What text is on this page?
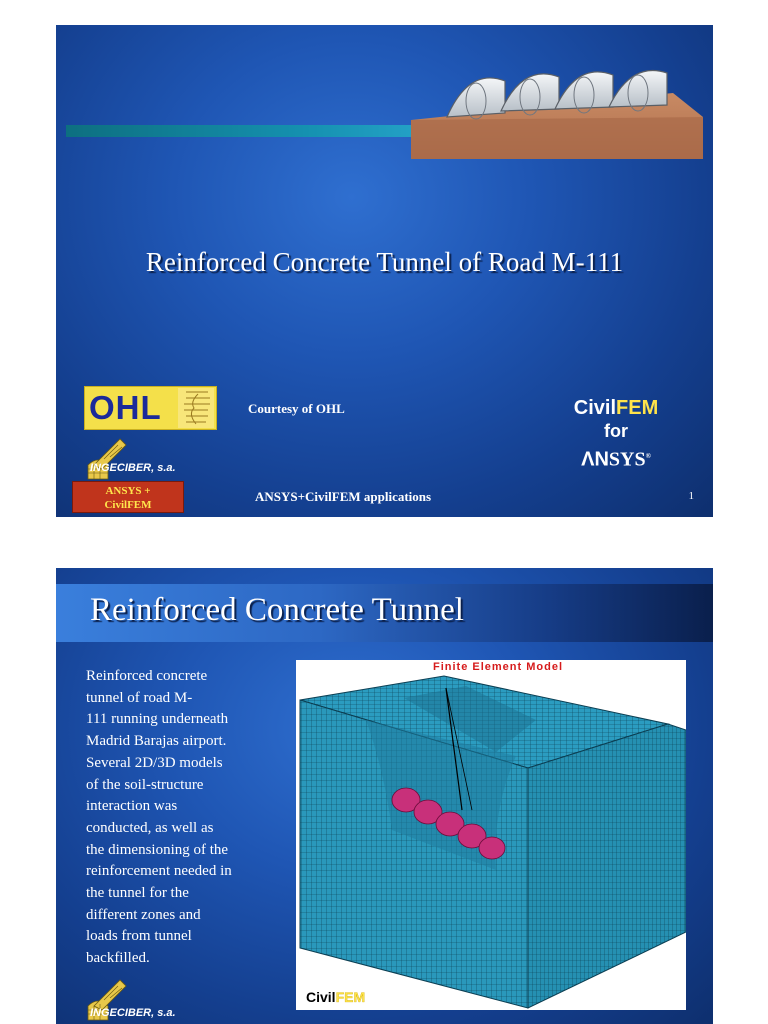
Reinforced Concrete Tunnel of Road M-111
OHL	Courtesy of OHL	CivilFEM
for
ΛNSYS®
INGECIBER, s.a.
ANSYS +
CivilFEM
ANSYS+CivilFEM applications	1
Reinforced Concrete Tunnel
Reinforced concrete
tunnel of road M-
111 running underneath
Madrid Barajas airport.
Several 2D/3D models
of the soil-structure
interaction was
conducted, as well as
the dimensioning of the
reinforcement needed in
the tunnel for the
different zones and
loads from tunnel
backfilled.
Finite Element Model
CivilFEM
INGECIBER, s.a.
